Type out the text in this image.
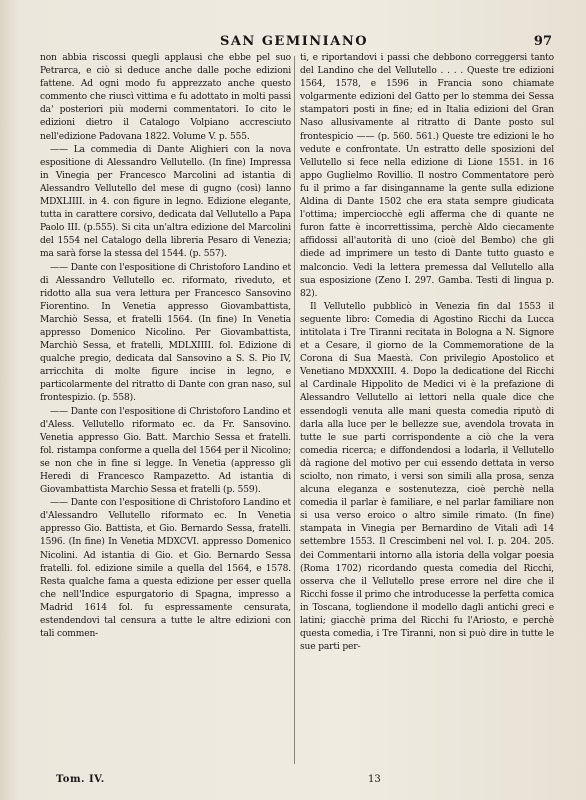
SAN GEMINIANO	97

non abbia riscossi quegli applausi che ebbe pel suo Petrarca, e ciò si deduce anche dalle poche edizioni fattene. Ad ogni modo fu apprezzato anche questo commento che riuscì vittima e fu adottato in molti passi da' posteriori più moderni commentatori. Io cito le edizioni dietro il Catalogo Volpiano accresciuto nell'edizione Padovana 1822. Volume V. p. 555.

—— La commedia di Dante Alighieri con la nova espositione di Alessandro Vellutello. (In fine) Impressa in Vinegia per Francesco Marcolini ad istantia di Alessandro Vellutello del mese di gugno (così) lanno MDXLIIII. in 4. con figure in legno. Edizione elegante, tutta in carattere corsivo, dedicata dal Vellutello a Papa Paolo III. (p.555). Si cita un'altra edizione del Marcolini del 1554 nel Catalogo della libreria Pesaro di Venezia; ma sarà forse la stessa del 1544. (p. 557).

—— Dante con l'espositione di Christoforo Landino et di Alessandro Vellutello ec. riformato, riveduto, et ridotto alla sua vera lettura per Francesco Sansovino Fiorentino. In Venetia appresso Giovambattista, Marchiò Sessa, et fratelli 1564. (In fine) In Venetia appresso Domenico Nicolino. Per Giovambattista, Marchiò Sessa, et fratelli, MDLXIIII. fol. Edizione di qualche pregio, dedicata dal Sansovino a S. S. Pio IV, arricchita di molte figure incise in legno, e particolarmente del ritratto di Dante con gran naso, sul frontespizio. (p. 558).

—— Dante con l'espositione di Christoforo Landino et d'Aless. Vellutello riformato ec. da Fr. Sansovino. Venetia appresso Gio. Batt. Marchio Sessa et fratelli. fol. ristampa conforme a quella del 1564 per il Nicolino; se non che in fine si legge. In Venetia (appresso gli Heredi di Francesco Rampazetto. Ad istantia di Giovambattista Marchio Sessa et fratelli (p. 559).

—— Dante con l'espositione di Christoforo Landino et d'Alessandro Vellutello riformato ec. In Venetia appresso Gio. Battista, et Gio. Bernardo Sessa, fratelli. 1596. (In fine) In Venetia MDXCVI. appresso Domenico Nicolini. Ad istantia di Gio. et Gio. Bernardo Sessa fratelli. fol. edizione simile a quella del 1564, e 1578. Resta qualche fama a questa edizione per esser quella che nell'Indice espurgatorio di Spagna, impresso a Madrid 1614 fol. fu espressamente censurata, estendendovi tal censura a tutte le altre edizioni con tali commen-

ti, e riportandovi i passi che debbono correggersi tanto del Landino che del Vellutello . . . . Queste tre edizioni 1564, 1578, e 1596 in Francia sono chiamate volgarmente edizioni del Gatto per lo stemma dei Sessa stampatori posti in fine; ed in Italia edizioni del Gran Naso allusivamente al ritratto di Dante posto sul frontespicio —— (p. 560. 561.) Queste tre edizioni le ho vedute e confrontate. Un estratto delle sposizioni del Vellutello si fece nella edizione di Lione 1551. in 16 appo Guglielmo Rovillio. Il nostro Commentatore però fu il primo a far disinganname la gente sulla edizione Aldina di Dante 1502 che era stata sempre giudicata l'ottima; imperciocchè egli afferma che di quante ne furon fatte è incorrettissima, perchè Aldo ciecamente affidossi all'autorità di uno (cioè del Bembo) che gli diede ad imprimere un testo di Dante tutto guasto e malconcio. Vedi la lettera premessa dal Vellutello alla sua esposizione (Zeno I. 297. Gamba. Testi di lingua p. 82).

Il Vellutello pubblicò in Venezia fin dal 1553 il seguente libro: Comedia di Agostino Ricchi da Lucca intitolata i Tre Tiranni recitata in Bologna a N. Signore et a Cesare, il giorno de la Commemoratione de la Corona di Sua Maestà. Con privilegio Apostolico et Venetiano MDXXXIII. 4. Dopo la dedicatione del Ricchi al Cardinale Hippolito de Medici vi è la prefazione di Alessandro Vellutello ai lettori nella quale dice che essendogli venuta alle mani questa comedia riputò di darla alla luce per le bellezze sue, avendola trovata in tutte le sue parti corrispondente a ciò che la vera comedia ricerca; e diffondendosi a lodarla, il Vellutello dà ragione del motivo per cui essendo dettata in verso sciolto, non rimato, i versi son simili alla prosa, senza alcuna eleganza e sostenutezza, cioè perchè nella comedia il parlar è familiare, e nel parlar familiare non si usa verso eroico o altro simile rimato. (In fine) stampata in Vinegia per Bernardino de Vitali adì 14 settembre 1553. Il Crescimbeni nel vol. I. p. 204. 205. dei Commentarii intorno alla istoria della volgar poesia (Roma 1702) ricordando questa comedia del Ricchi, osserva che il Vellutello prese errore nel dire che il Ricchi fosse il primo che introducesse la perfetta comica in Toscana, togliendone il modello dagli antichi greci e latini; giacchè prima del Ricchi fu l'Ariosto, e perchè questa comedia, i Tre Tiranni, non si può dire in tutte le sue parti per-

Tom. IV.	13
